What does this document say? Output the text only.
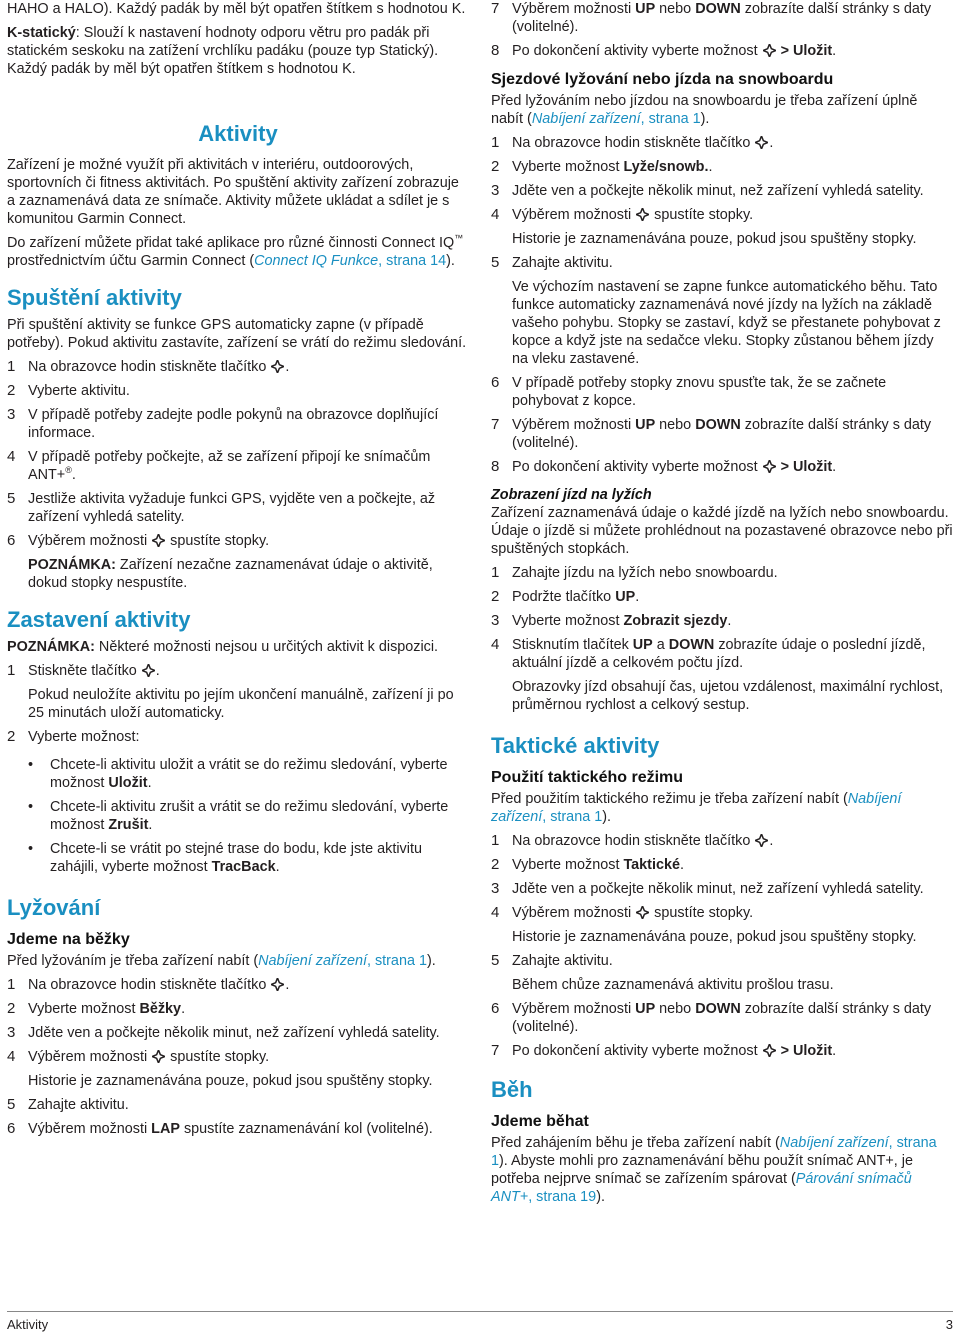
HAHO a HALO). Každý padák by měl být opatřen štítkem s hodnotou K.

K-statický: Slouží k nastavení hodnoty odporu větru pro padák při statickém seskoku na zatížení vrchlíku padáku (pouze typ Statický). Každý padák by měl být opatřen štítkem s hodnotou K.

Aktivity

Zařízení je možné využít při aktivitách v interiéru, outdoorových, sportovních či fitness aktivitách. Po spuštění aktivity zařízení zobrazuje a zaznamenává data ze snímače. Aktivity můžete ukládat a sdílet je s komunitou Garmin Connect.

Do zařízení můžete přidat také aplikace pro různé činnosti Connect IQ™ prostřednictvím účtu Garmin Connect (Connect IQ Funkce, strana 14).

Spuštění aktivity

Při spuštění aktivity se funkce GPS automaticky zapne (v případě potřeby). Pokud aktivitu zastavíte, zařízení se vrátí do režimu sledování.

1 Na obrazovce hodin stiskněte tlačítko .
2 Vyberte aktivitu.
3 V případě potřeby zadejte podle pokynů na obrazovce doplňující informace.
4 V případě potřeby počkejte, až se zařízení připojí ke snímačům ANT+®.
5 Jestliže aktivita vyžaduje funkci GPS, vyjděte ven a počkejte, až zařízení vyhledá satelity.
6 Výběrem možnosti spustíte stopky.

POZNÁMKA: Zařízení nezačne zaznamenávat údaje o aktivitě, dokud stopky nespustíte.

Zastavení aktivity

POZNÁMKA: Některé možnosti nejsou u určitých aktivit k dispozici.

1 Stiskněte tlačítko .

Pokud neuložíte aktivitu po jejím ukončení manuálně, zařízení ji po 25 minutách uloží automaticky.

2 Vyberte možnost:
• Chcete-li aktivitu uložit a vrátit se do režimu sledování, vyberte možnost Uložit.
• Chcete-li aktivitu zrušit a vrátit se do režimu sledování, vyberte možnost Zrušit.
• Chcete-li se vrátit po stejné trase do bodu, kde jste aktivitu zahájili, vyberte možnost TracBack.
Lyžování
Jdeme na běžky

Před lyžováním je třeba zařízení nabít (Nabíjení zařízení, strana 1).

1 Na obrazovce hodin stiskněte tlačítko .
2 Vyberte možnost Běžky.
3 Jděte ven a počkejte několik minut, než zařízení vyhledá satelity.
4 Výběrem možnosti spustíte stopky.

Historie je zaznamenávána pouze, pokud jsou spuštěny stopky.

5 Zahajte aktivitu.
6 Výběrem možnosti LAP spustíte zaznamenávání kol (volitelné).
7 Výběrem možnosti UP nebo DOWN zobrazíte další stránky s daty (volitelné).
8 Po dokončení aktivity vyberte možnost > Uložit.
Sjezdové lyžování nebo jízda na snowboardu

Před lyžováním nebo jízdou na snowboardu je třeba zařízení úplně nabít (Nabíjení zařízení, strana 1).

1 Na obrazovce hodin stiskněte tlačítko .
2 Vyberte možnost Lyže/snowb..
3 Jděte ven a počkejte několik minut, než zařízení vyhledá satelity.
4 Výběrem možnosti spustíte stopky.

Historie je zaznamenávána pouze, pokud jsou spuštěny stopky.

5 Zahajte aktivitu.

Ve výchozím nastavení se zapne funkce automatického běhu. Tato funkce automaticky zaznamenává nové jízdy na lyžích na základě vašeho pohybu. Stopky se zastaví, když se přestanete pohybovat z kopce a když jste na sedačce vleku. Stopky zůstanou během jízdy na vleku zastavené.

6 V případě potřeby stopky znovu spusťte tak, že se začnete pohybovat z kopce.
7 Výběrem možnosti UP nebo DOWN zobrazíte další stránky s daty (volitelné).
8 Po dokončení aktivity vyberte možnost > Uložit.
Zobrazení jízd na lyžích

Zařízení zaznamenává údaje o každé jízdě na lyžích nebo snowboardu. Údaje o jízdě si můžete prohlédnout na pozastavené obrazovce nebo při spuštěných stopkách.

1 Zahajte jízdu na lyžích nebo snowboardu.
2 Podržte tlačítko UP.
3 Vyberte možnost Zobrazit sjezdy.
4 Stisknutím tlačítek UP a DOWN zobrazíte údaje o poslední jízdě, aktuální jízdě a celkovém počtu jízd.

Obrazovky jízd obsahují čas, ujetou vzdálenost, maximální rychlost, průměrnou rychlost a celkový sestup.

Taktické aktivity
Použití taktického režimu

Před použitím taktického režimu je třeba zařízení nabít (Nabíjení zařízení, strana 1).

1 Na obrazovce hodin stiskněte tlačítko .
2 Vyberte možnost Taktické.
3 Jděte ven a počkejte několik minut, než zařízení vyhledá satelity.
4 Výběrem možnosti spustíte stopky.

Historie je zaznamenávána pouze, pokud jsou spuštěny stopky.

5 Zahajte aktivitu.

Během chůze zaznamenává aktivitu prošlou trasu.

6 Výběrem možnosti UP nebo DOWN zobrazíte další stránky s daty (volitelné).
7 Po dokončení aktivity vyberte možnost > Uložit.
Běh
Jdeme běhat

Před zahájením běhu je třeba zařízení nabít (Nabíjení zařízení, strana 1). Abyste mohli pro zaznamenávání běhu použít snímač ANT+, je potřeba nejprve snímač se zařízením spárovat (Párování snímačů ANT+, strana 19).

Aktivity	3
